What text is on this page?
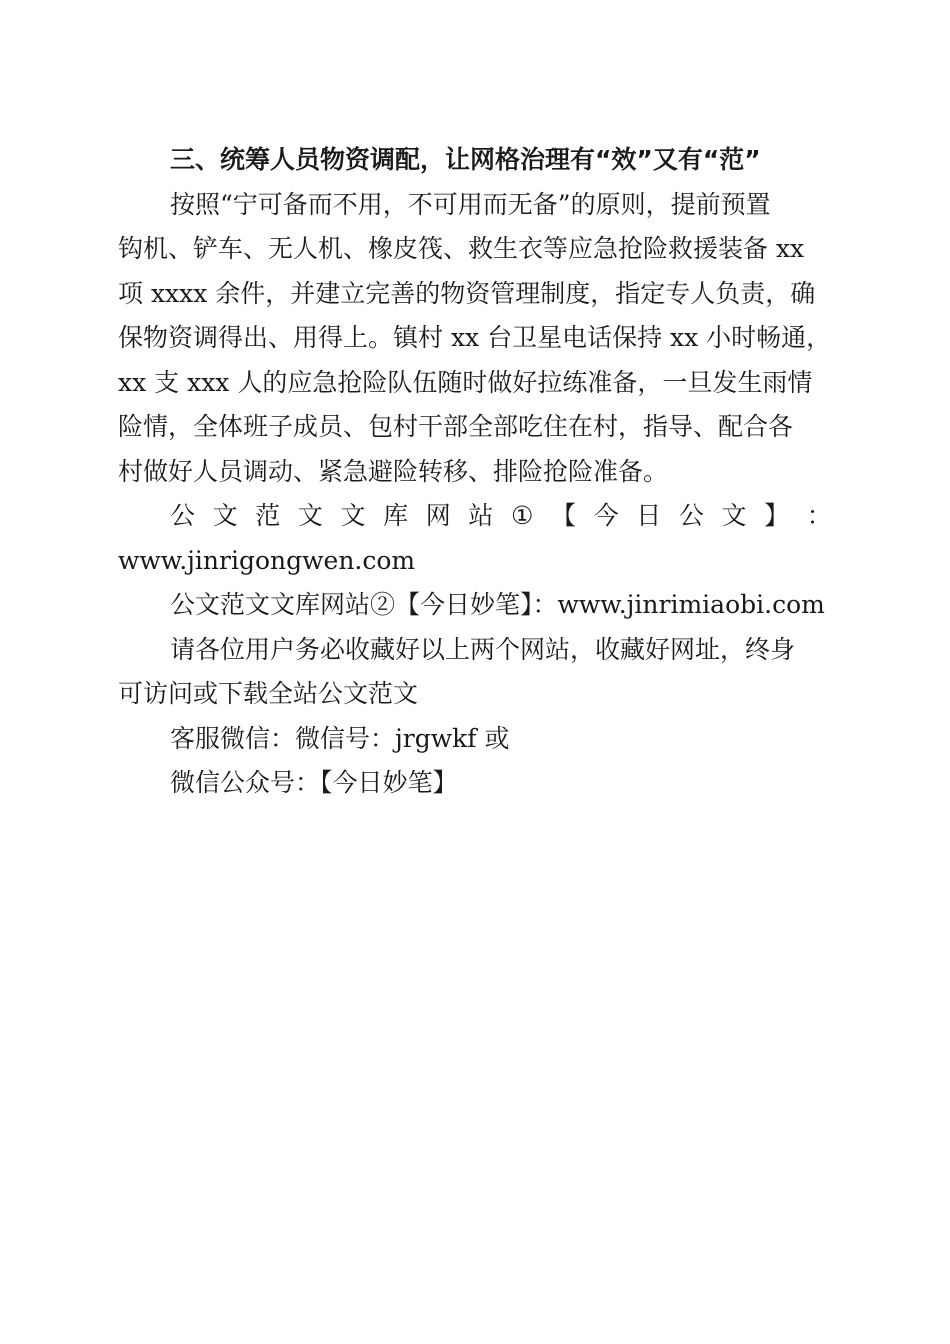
三、统筹人员物资调配，让网格治理有“效”又有“范”

按照“宁可备而不用，不可用而无备”的原则，提前预置

钩机、铲车、无人机、橡皮筏、救生衣等应急抢险救援装备 xx

项 xxxx 余件，并建立完善的物资管理制度，指定专人负责，确

保物资调得出、用得上。镇村 xx 台卫星电话保持 xx 小时畅通，

xx 支 xxx 人的应急抢险队伍随时做好拉练准备，一旦发生雨情

险情，全体班子成员、包村干部全部吃住在村，指导、配合各

村做好人员调动、紧急避险转移、排险抢险准备。

公 文 范 文 文 库 网 站 ① 【 今 日 公 文 】 ：

www.jinrigongwen.com

公文范文文库网站②【今日妙笔】：www.jinrimiaobi.com

请各位用户务必收藏好以上两个网站，收藏好网址，终身

可访问或下载全站公文范文

客服微信：微信号：jrgwkf 或

微信公众号：【今日妙笔】
